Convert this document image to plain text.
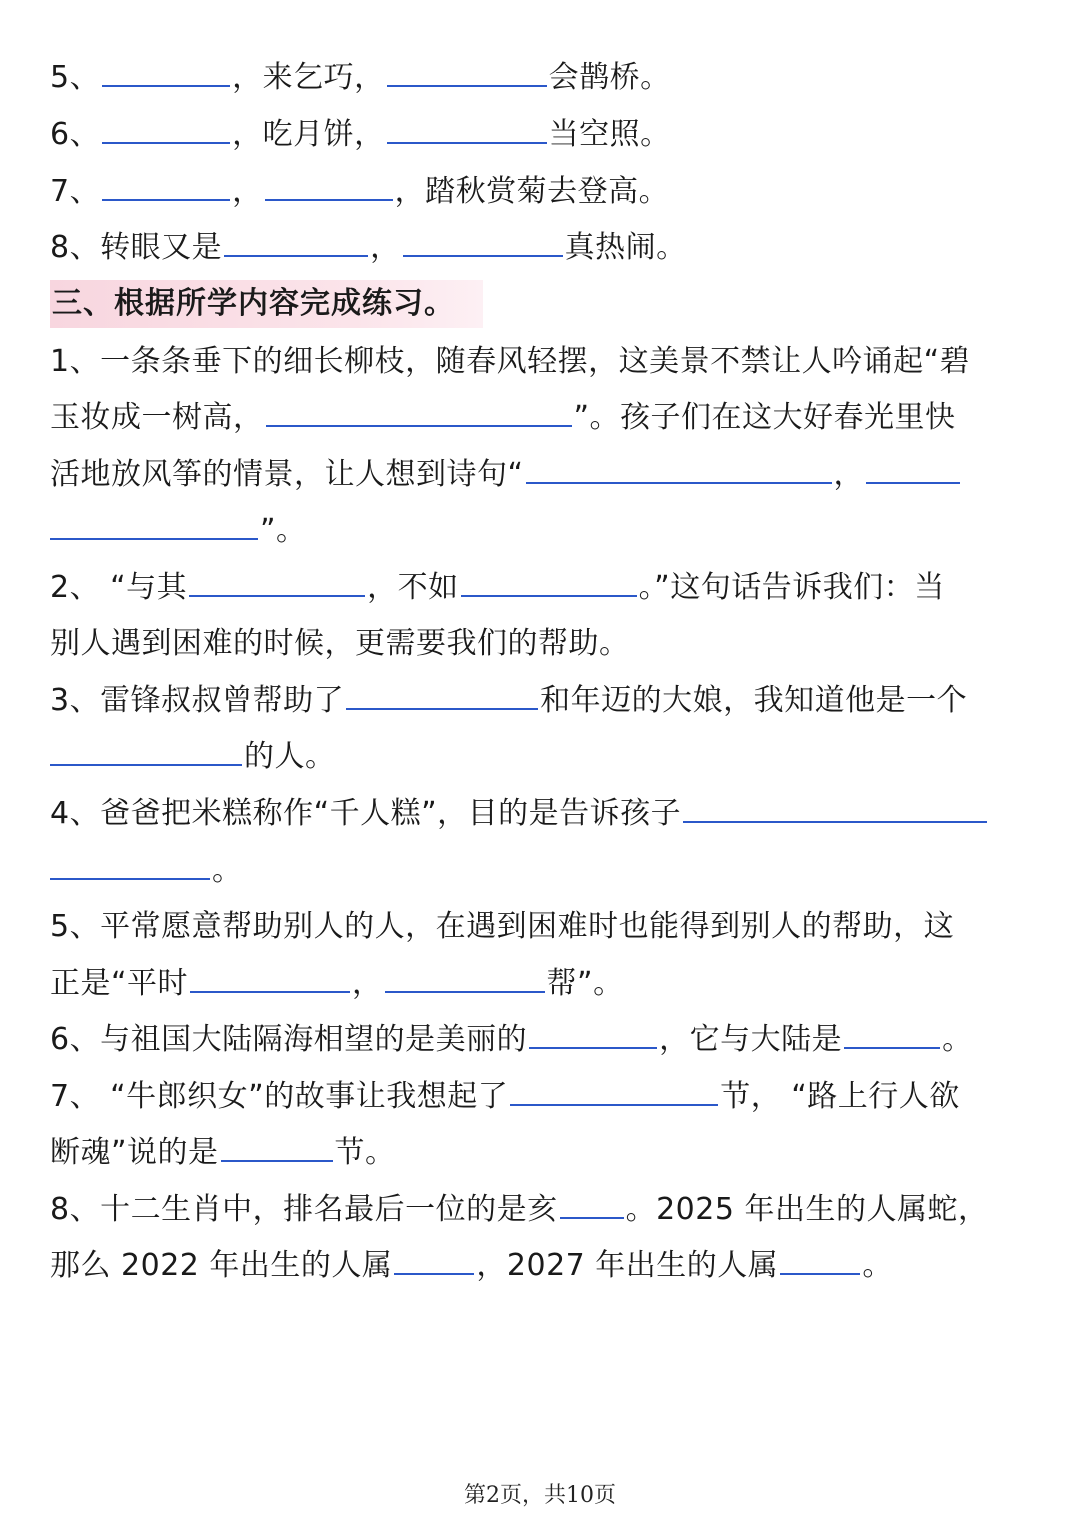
5、	，来乞巧，	会鹊桥。
6、	，吃月饼，	当空照。
7、	，	，踏秋赏菊去登高。
8、转眼又是	，	真热闹。
三、根据所学内容完成练习。
1、一条条垂下的细长柳枝，随春风轻摆，这美景不禁让人吟诵起“碧
玉妆成一树高，	”。孩子们在这大好春光里快
活地放风筝的情景，让人想到诗句“	，
”。
2、 “与其	，不如	。”这句话告诉我们：当
别人遇到困难的时候，更需要我们的帮助。
3、雷锋叔叔曾帮助了	和年迈的大娘，我知道他是一个
的人。
4、爸爸把米糕称作“千人糕”，目的是告诉孩子
。
5、平常愿意帮助别人的人，在遇到困难时也能得到别人的帮助，这
正是“平时	，	帮”。
6、与祖国大陆隔海相望的是美丽的	，它与大陆是	。
7、 “牛郎织女”的故事让我想起了	节， “路上行人欲
断魂”说的是	节。
8、十二生肖中，排名最后一位的是亥 。2025 年出生的人属蛇，
那么 2022 年出生的人属	，2027 年出生的人属	。
第2页，共10页
